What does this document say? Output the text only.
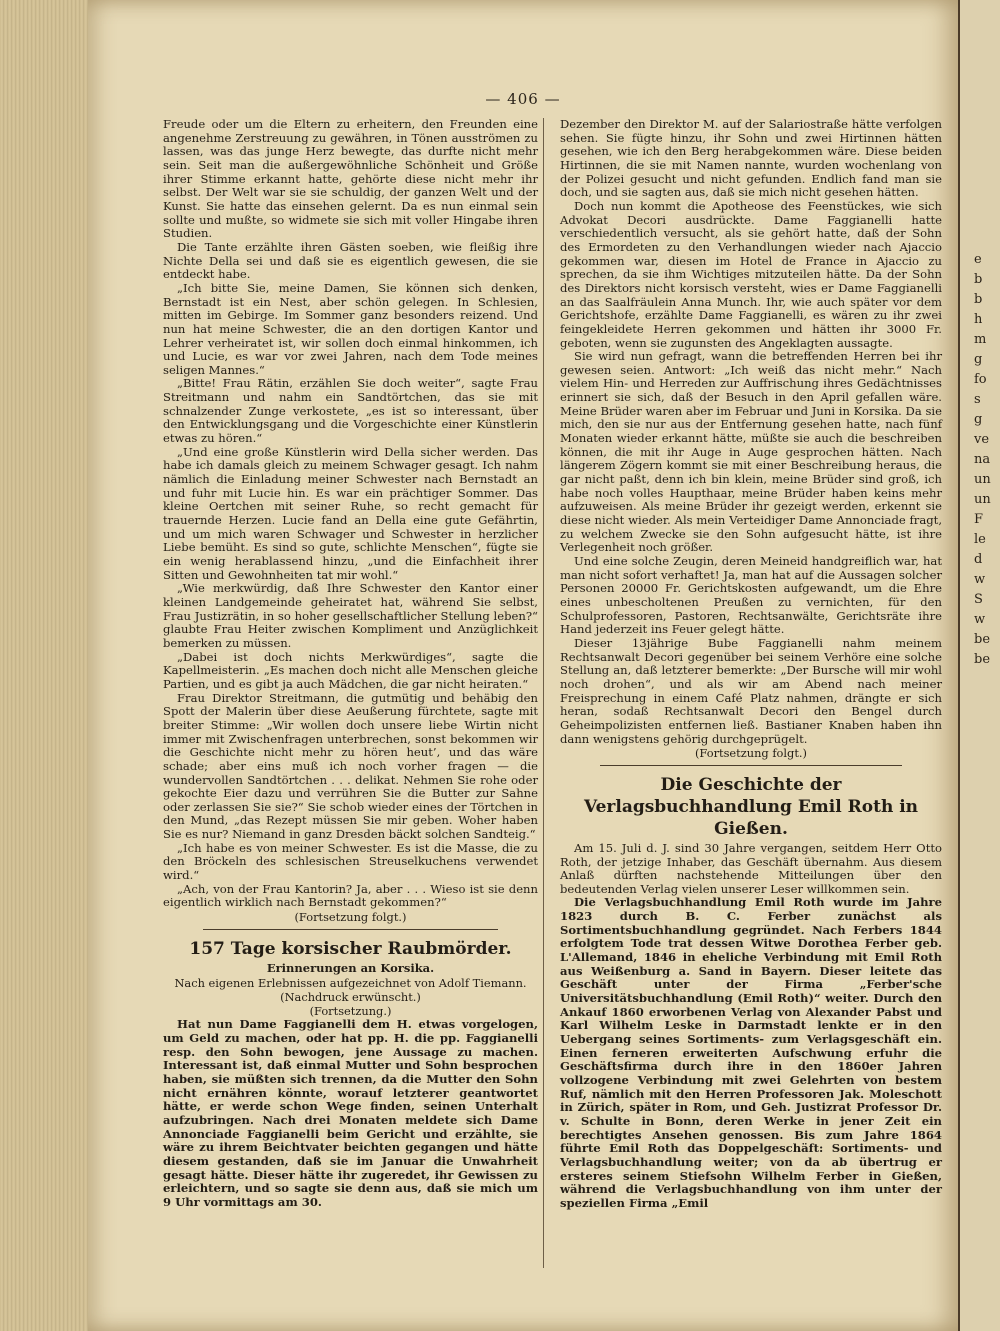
— 406 —

Freude oder um die Eltern zu erheitern, den Freunden eine angenehme Zerstreuung zu gewähren, in Tönen ausströmen zu lassen, was das junge Herz bewegte, das durfte nicht mehr sein. Seit man die außergewöhnliche Schönheit und Größe ihrer Stimme erkannt hatte, gehörte diese nicht mehr ihr selbst. Der Welt war sie sie schuldig, der ganzen Welt und der Kunst. Sie hatte das einsehen gelernt. Da es nun einmal sein sollte und mußte, so widmete sie sich mit voller Hingabe ihren Studien.

Die Tante erzählte ihren Gästen soeben, wie fleißig ihre Nichte Della sei und daß sie es eigentlich gewesen, die sie entdeckt habe.

„Ich bitte Sie, meine Damen, Sie können sich denken, Bernstadt ist ein Nest, aber schön gelegen. In Schlesien, mitten im Gebirge. Im Sommer ganz besonders reizend. Und nun hat meine Schwester, die an den dortigen Kantor und Lehrer verheiratet ist, wir sollen doch einmal hinkommen, ich und Lucie, es war vor zwei Jahren, nach dem Tode meines seligen Mannes.“

„Bitte! Frau Rätin, erzählen Sie doch weiter“, sagte Frau Streitmann und nahm ein Sandtörtchen, das sie mit schnalzender Zunge verkostete, „es ist so interessant, über den Entwicklungsgang und die Vorgeschichte einer Künstlerin etwas zu hören.“

„Und eine große Künstlerin wird Della sicher werden. Das habe ich damals gleich zu meinem Schwager gesagt. Ich nahm nämlich die Einladung meiner Schwester nach Bernstadt an und fuhr mit Lucie hin. Es war ein prächtiger Sommer. Das kleine Oertchen mit seiner Ruhe, so recht gemacht für trauernde Herzen. Lucie fand an Della eine gute Gefährtin, und um mich waren Schwager und Schwester in herzlicher Liebe bemüht. Es sind so gute, schlichte Menschen“, fügte sie ein wenig herablassend hinzu, „und die Einfachheit ihrer Sitten und Gewohnheiten tat mir wohl.“

„Wie merkwürdig, daß Ihre Schwester den Kantor einer kleinen Landgemeinde geheiratet hat, während Sie selbst, Frau Justizrätin, in so hoher gesellschaftlicher Stellung leben?“ glaubte Frau Heiter zwischen Kompliment und Anzüglichkeit bemerken zu müssen.

„Dabei ist doch nichts Merkwürdiges“, sagte die Kapellmeisterin. „Es machen doch nicht alle Menschen gleiche Partien, und es gibt ja auch Mädchen, die gar nicht heiraten.“

Frau Direktor Streitmann, die gutmütig und behäbig den Spott der Malerin über diese Aeußerung fürchtete, sagte mit breiter Stimme: „Wir wollen doch unsere liebe Wirtin nicht immer mit Zwischenfragen unterbrechen, sonst bekommen wir die Geschichte nicht mehr zu hören heut’, und das wäre schade; aber eins muß ich noch vorher fragen — die wundervollen Sandtörtchen . . . delikat. Nehmen Sie rohe oder gekochte Eier dazu und verrühren Sie die Butter zur Sahne oder zerlassen Sie sie?“ Sie schob wieder eines der Törtchen in den Mund, „das Rezept müssen Sie mir geben. Woher haben Sie es nur? Niemand in ganz Dresden bäckt solchen Sandteig.“

„Ich habe es von meiner Schwester. Es ist die Masse, die zu den Bröckeln des schlesischen Streuselkuchens verwendet wird.“

„Ach, von der Frau Kantorin? Ja, aber . . . Wieso ist sie denn eigentlich wirklich nach Bernstadt gekommen?“

(Fortsetzung folgt.)
157 Tage korsischer Raubmörder.
Erinnerungen an Korsika.
Nach eigenen Erlebnissen aufgezeichnet von Adolf Tiemann.
(Nachdruck erwünscht.)
(Fortsetzung.)

Hat nun Dame Faggianelli dem H. etwas vorgelogen, um Geld zu machen, oder hat pp. H. die pp. Faggianelli resp. den Sohn bewogen, jene Aussage zu machen. Interessant ist, daß einmal Mutter und Sohn besprochen haben, sie müßten sich trennen, da die Mutter den Sohn nicht ernähren könnte, worauf letzterer geantwortet hätte, er werde schon Wege finden, seinen Unterhalt aufzubringen. Nach drei Monaten meldete sich Dame Annonciade Faggianelli beim Gericht und erzählte, sie wäre zu ihrem Beichtvater beichten gegangen und hätte diesem gestanden, daß sie im Januar die Unwahrheit gesagt hätte. Dieser hätte ihr zugeredet, ihr Gewissen zu erleichtern, und so sagte sie denn aus, daß sie mich um 9 Uhr vormittags am 30.

Dezember den Direktor M. auf der Salariostraße hätte verfolgen sehen. Sie fügte hinzu, ihr Sohn und zwei Hirtinnen hätten gesehen, wie ich den Berg herabgekommen wäre. Diese beiden Hirtinnen, die sie mit Namen nannte, wurden wochenlang von der Polizei gesucht und nicht gefunden. Endlich fand man sie doch, und sie sagten aus, daß sie mich nicht gesehen hätten.

Doch nun kommt die Apotheose des Feenstückes, wie sich Advokat Decori ausdrückte. Dame Faggianelli hatte verschiedentlich versucht, als sie gehört hatte, daß der Sohn des Ermordeten zu den Verhandlungen wieder nach Ajaccio gekommen war, diesen im Hotel de France in Ajaccio zu sprechen, da sie ihm Wichtiges mitzuteilen hätte. Da der Sohn des Direktors nicht korsisch versteht, wies er Dame Faggianelli an das Saalfräulein Anna Munch. Ihr, wie auch später vor dem Gerichtshofe, erzählte Dame Faggianelli, es wären zu ihr zwei feingekleidete Herren gekommen und hätten ihr 3000 Fr. geboten, wenn sie zugunsten des Angeklagten aussagte.

Sie wird nun gefragt, wann die betreffenden Herren bei ihr gewesen seien. Antwort: „Ich weiß das nicht mehr.“ Nach vielem Hin- und Herreden zur Auffrischung ihres Gedächtnisses erinnert sie sich, daß der Besuch in den April gefallen wäre. Meine Brüder waren aber im Februar und Juni in Korsika. Da sie mich, den sie nur aus der Entfernung gesehen hatte, nach fünf Monaten wieder erkannt hätte, müßte sie auch die beschreiben können, die mit ihr Auge in Auge gesprochen hätten. Nach längerem Zögern kommt sie mit einer Beschreibung heraus, die gar nicht paßt, denn ich bin klein, meine Brüder sind groß, ich habe noch volles Haupthaar, meine Brüder haben keins mehr aufzuweisen. Als meine Brüder ihr gezeigt werden, erkennt sie diese nicht wieder. Als mein Verteidiger Dame Annonciade fragt, zu welchem Zwecke sie den Sohn aufgesucht hätte, ist ihre Verlegenheit noch größer.

Und eine solche Zeugin, deren Meineid handgreiflich war, hat man nicht sofort verhaftet! Ja, man hat auf die Aussagen solcher Personen 20000 Fr. Gerichtskosten aufgewandt, um die Ehre eines unbescholtenen Preußen zu vernichten, für den Schulprofessoren, Pastoren, Rechtsanwälte, Gerichtsräte ihre Hand jederzeit ins Feuer gelegt hätte.

Dieser 13jährige Bube Faggianelli nahm meinem Rechtsanwalt Decori gegenüber bei seinem Verhöre eine solche Stellung an, daß letzterer bemerkte: „Der Bursche will mir wohl noch drohen“, und als wir am Abend nach meiner Freisprechung in einem Café Platz nahmen, drängte er sich heran, sodaß Rechtsanwalt Decori den Bengel durch Geheimpolizisten entfernen ließ. Bastianer Knaben haben ihn dann wenigstens gehörig durchgeprügelt.

(Fortsetzung folgt.)
Die Geschichte der Verlagsbuchhandlung Emil Roth in Gießen.

Am 15. Juli d. J. sind 30 Jahre vergangen, seitdem Herr Otto Roth, der jetzige Inhaber, das Geschäft übernahm. Aus diesem Anlaß dürften nachstehende Mitteilungen über den bedeutenden Verlag vielen unserer Leser willkommen sein.

Die Verlagsbuchhandlung Emil Roth wurde im Jahre 1823 durch B. C. Ferber zunächst als Sortimentsbuchhandlung gegründet. Nach Ferbers 1844 erfolgtem Tode trat dessen Witwe Dorothea Ferber geb. L'Allemand, 1846 in eheliche Verbindung mit Emil Roth aus Weißenburg a. Sand in Bayern. Dieser leitete das Geschäft unter der Firma „Ferber'sche Universitätsbuchhandlung (Emil Roth)“ weiter. Durch den Ankauf 1860 erworbenen Verlag von Alexander Pabst und Karl Wilhelm Leske in Darmstadt lenkte er in den Uebergang seines Sortiments- zum Verlagsgeschäft ein. Einen ferneren erweiterten Aufschwung erfuhr die Geschäftsfirma durch ihre in den 1860er Jahren vollzogene Verbindung mit zwei Gelehrten von bestem Ruf, nämlich mit den Herren Professoren Jak. Moleschott in Zürich, später in Rom, und Geh. Justizrat Professor Dr. v. Schulte in Bonn, deren Werke in jener Zeit ein berechtigtes Ansehen genossen. Bis zum Jahre 1864 führte Emil Roth das Doppelgeschäft: Sortiments- und Verlagsbuchhandlung weiter; von da ab übertrug er ersteres seinem Stiefsohn Wilhelm Ferber in Gießen, während die Verlagsbuchhandlung von ihm unter der speziellen Firma „Emil

e
b
b
h
m
g
fo
s
g
ve
na
un
un
F
le
d
w
S
w
be
be
